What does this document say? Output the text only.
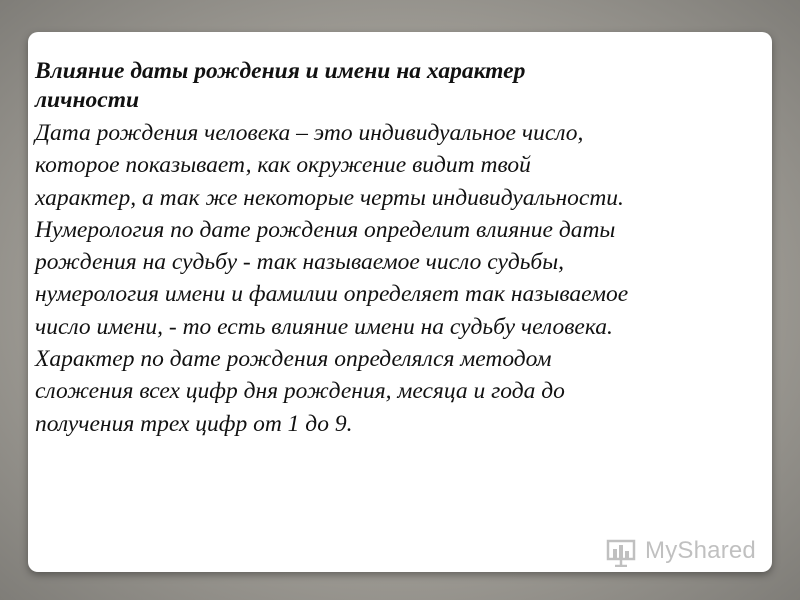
Влияние даты рождения и имени на характер личности

Дата рождения человека – это индивидуальное число, которое показывает, как окружение видит твой характер, а так же некоторые черты индивидуальности.

Нумерология по дате рождения определит влияние даты рождения на судьбу - так называемое число судьбы, нумерология имени и фамилии определяет так называемое число имени, - то есть влияние имени на судьбу человека.

Характер по дате рождения определялся методом сложения всех цифр дня рождения, месяца и года до получения трех цифр от 1 до 9.

MyShared
